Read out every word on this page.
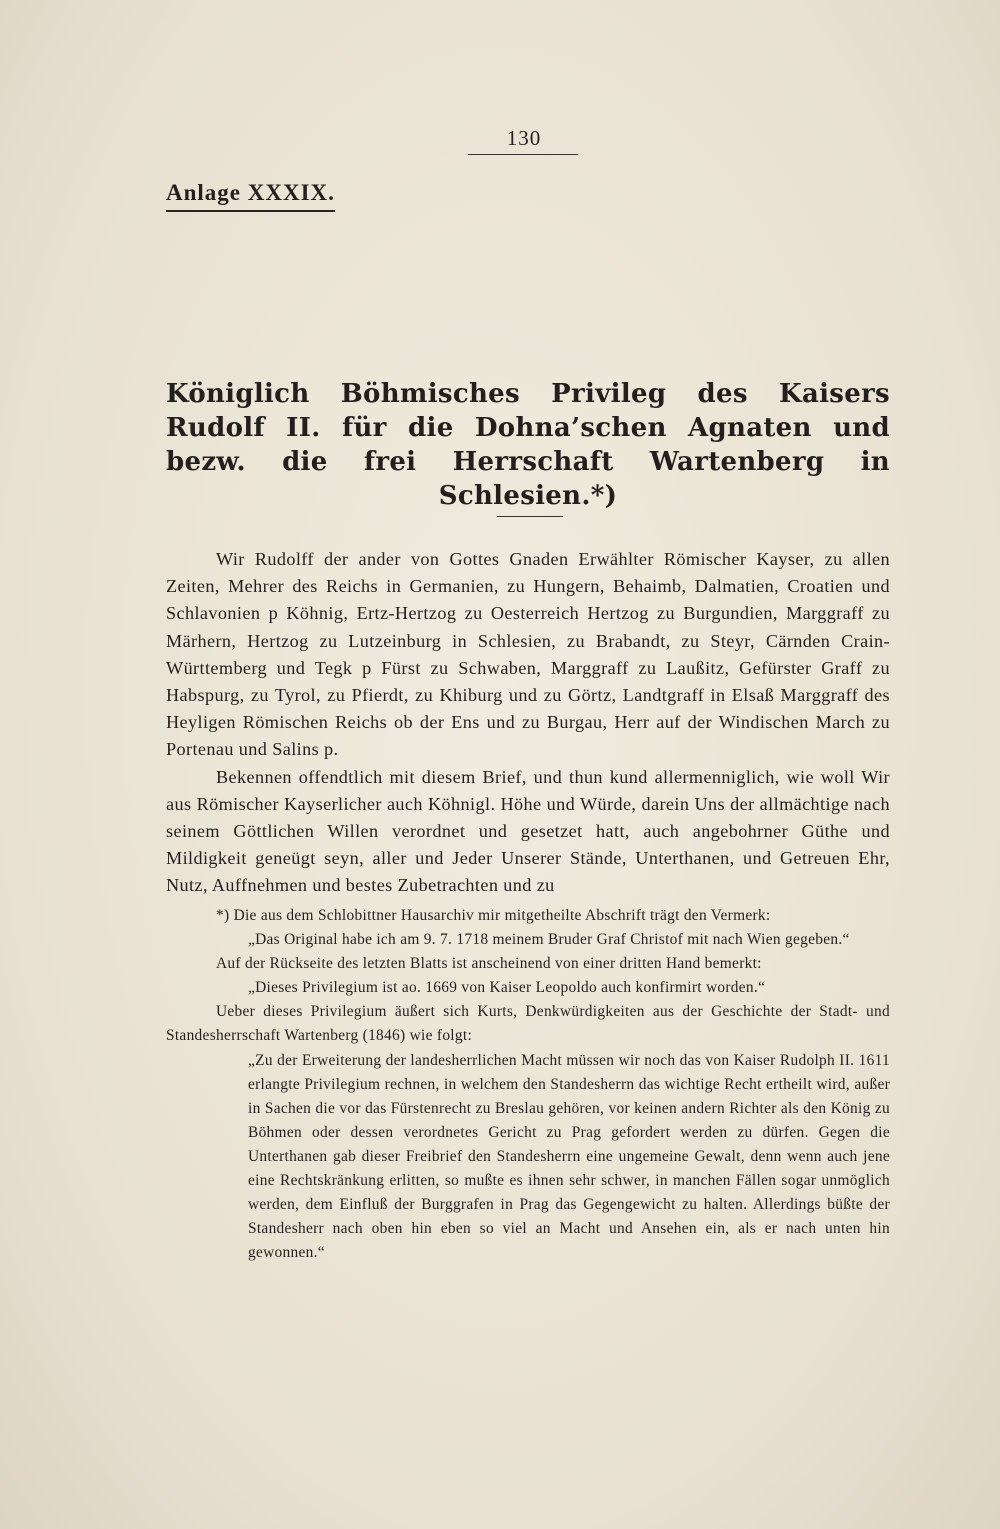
130
Anlage XXXIX.
Königlich Böhmisches Privileg des Kaisers Rudolf II. für die Dohna’schen Agnaten und bezw. die frei Herrschaft Wartenberg in Schlesien.*)

Wir Rudolff der ander von Gottes Gnaden Erwählter Römischer Kayser, zu allen Zeiten, Mehrer des Reichs in Germanien, zu Hungern, Behaimb, Dalmatien, Croatien und Schlavonien p Köhnig, Ertz-Hertzog zu Oesterreich Hertzog zu Burgundien, Marggraff zu Märhern, Hertzog zu Lutzeinburg in Schlesien, zu Brabandt, zu Steyr, Cärnden Crain-Württemberg und Tegk p Fürst zu Schwaben, Marggraff zu Laußitz, Gefürster Graff zu Habspurg, zu Tyrol, zu Pfierdt, zu Khiburg und zu Görtz, Landtgraff in Elsaß Marggraff des Heyligen Römischen Reichs ob der Ens und zu Burgau, Herr auf der Windischen March zu Portenau und Salins p.

Bekennen offendtlich mit diesem Brief, und thun kund allermenniglich, wie woll Wir aus Römischer Kayserlicher auch Köhnigl. Höhe und Würde, darein Uns der allmächtige nach seinem Göttlichen Willen verordnet und gesetzet hatt, auch angebohrner Güthe und Mildigkeit geneügt seyn, aller und Jeder Unserer Stände, Unterthanen, und Getreuen Ehr, Nutz, Auffnehmen und bestes Zubetrachten und zu

*) Die aus dem Schlobittner Hausarchiv mir mitgetheilte Abschrift trägt den Vermerk:

„Das Original habe ich am 9. 7. 1718 meinem Bruder Graf Christof mit nach Wien gegeben.“

Auf der Rückseite des letzten Blatts ist anscheinend von einer dritten Hand bemerkt:

„Dieses Privilegium ist ao. 1669 von Kaiser Leopoldo auch konfirmirt worden.“

Ueber dieses Privilegium äußert sich Kurts, Denkwürdigkeiten aus der Geschichte der Stadt- und Standesherrschaft Wartenberg (1846) wie folgt:

„Zu der Erweiterung der landesherrlichen Macht müssen wir noch das von Kaiser Rudolph II. 1611 erlangte Privilegium rechnen, in welchem den Standesherrn das wichtige Recht ertheilt wird, außer in Sachen die vor das Fürstenrecht zu Breslau gehören, vor keinen andern Richter als den König zu Böhmen oder dessen verordnetes Gericht zu Prag gefordert werden zu dürfen. Gegen die Unterthanen gab dieser Freibrief den Standesherrn eine ungemeine Gewalt, denn wenn auch jene eine Rechtskränkung erlitten, so mußte es ihnen sehr schwer, in manchen Fällen sogar unmöglich werden, dem Einfluß der Burggrafen in Prag das Gegengewicht zu halten. Allerdings büßte der Standesherr nach oben hin eben so viel an Macht und Ansehen ein, als er nach unten hin gewonnen.“
